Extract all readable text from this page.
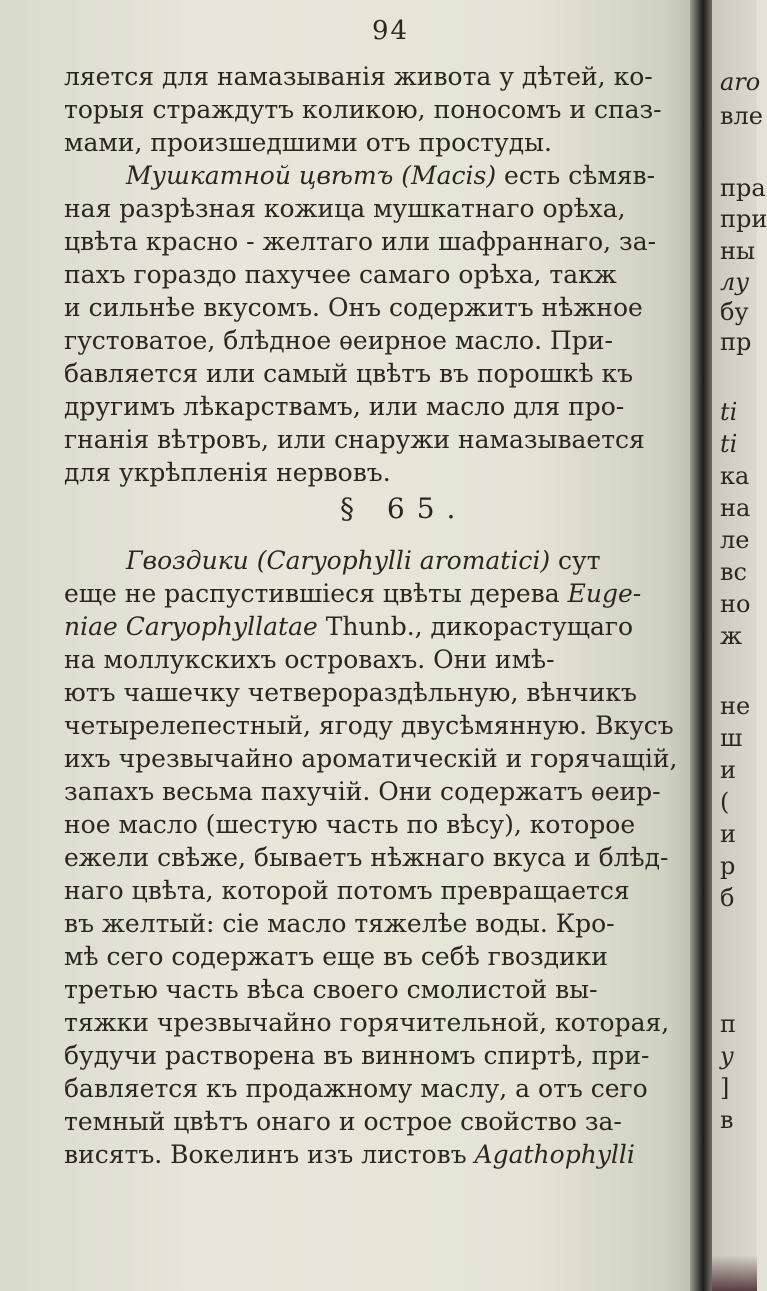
94
ляется для намазыванія живота у дѣтей, ко-
торыя страждутъ коликою, поносомъ и спаз-
мами, произшедшими отъ простуды.
Мушкатной цвѣтъ (Macis) есть сѣмяв-
ная разрѣзная кожица мушкатнаго орѣха,
цвѣта красно - желтаго или шафраннаго, за-
пахъ гораздо пахучее самаго орѣха, такж
и сильнѣе вкусомъ. Онъ содержитъ нѣжное
густоватое, блѣдное ѳеирное масло. При-
бавляется или самый цвѣтъ въ порошкѣ къ
другимъ лѣкарствамъ, или масло для про-
гнанія вѣтровъ, или снаружи намазывается
для укрѣпленія нервовъ.
§ 65.
Гвоздики (Caryophylli aromatici) сут
еще не распустившіеся цвѣты дерева Euge-
niae Caryophyllatae Thunb., дикорастущаго
на моллукскихъ островахъ. Они имѣ-
ютъ чашечку четверораздѣльную, вѣнчикъ
четырелепестный, ягоду двусѣмянную. Вкусъ
ихъ чрезвычайно ароматическій и горячащій,
запахъ весьма пахучій. Они содержатъ ѳеир-
ное масло (шестую часть по вѣсу), которое
ежели свѣже, бываетъ нѣжнаго вкуса и блѣд-
наго цвѣта, которой потомъ превращается
въ желтый: сіе масло тяжелѣе воды. Кро-
мѣ сего содержатъ еще въ себѣ гвоздики
третью часть вѣса своего смолистой вы-
тяжки чрезвычайно горячительной, которая,
будучи растворена въ винномъ спиртѣ, при-
бавляется къ продажному маслу, а отъ сего
темный цвѣтъ онаго и острое свойство за-
висятъ. Вокелинъ изъ листовъ Agathophylli
aro
вле
пра
при
ны
лу
бу
пр
ti
ti
ка
на
ле
вс
но
ж
не
ш
и
(
и
р
б
п
у
]
в
